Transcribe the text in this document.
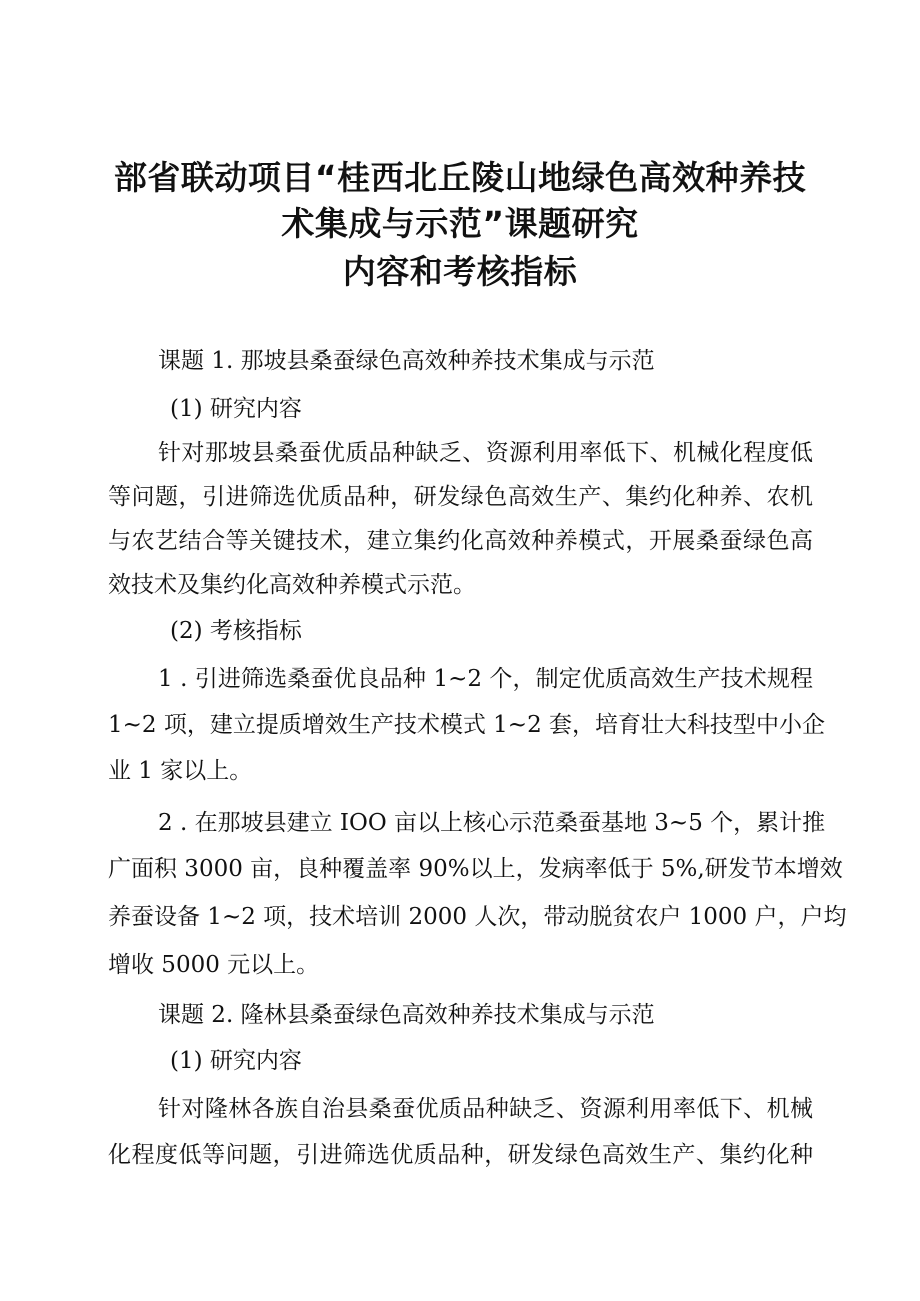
部省联动项目“桂西北丘陵山地绿色高效种养技
术集成与示范”课题研究
内容和考核指标
课题 1. 那坡县桑蚕绿色高效种养技术集成与示范
(1) 研究内容
针对那坡县桑蚕优质品种缺乏、资源利用率低下、机械化程度低
等问题，引进筛选优质品种，研发绿色高效生产、集约化种养、农机
与农艺结合等关键技术，建立集约化高效种养模式，开展桑蚕绿色高
效技术及集约化高效种养模式示范。
(2) 考核指标
1 . 引进筛选桑蚕优良品种 1~2 个，制定优质高效生产技术规程
1~2 项，建立提质增效生产技术模式 1~2 套，培育壮大科技型中小企
业 1 家以上。
2 . 在那坡县建立 IOO 亩以上核心示范桑蚕基地 3~5 个，累计推
广面积 3000 亩，良种覆盖率 90%以上，发病率低于 5%,研发节本增效
养蚕设备 1~2 项，技术培训 2000 人次，带动脱贫农户 1000 户，户均
增收 5000 元以上。
课题 2. 隆林县桑蚕绿色高效种养技术集成与示范
(1) 研究内容
针对隆林各族自治县桑蚕优质品种缺乏、资源利用率低下、机械
化程度低等问题，引进筛选优质品种，研发绿色高效生产、集约化种
